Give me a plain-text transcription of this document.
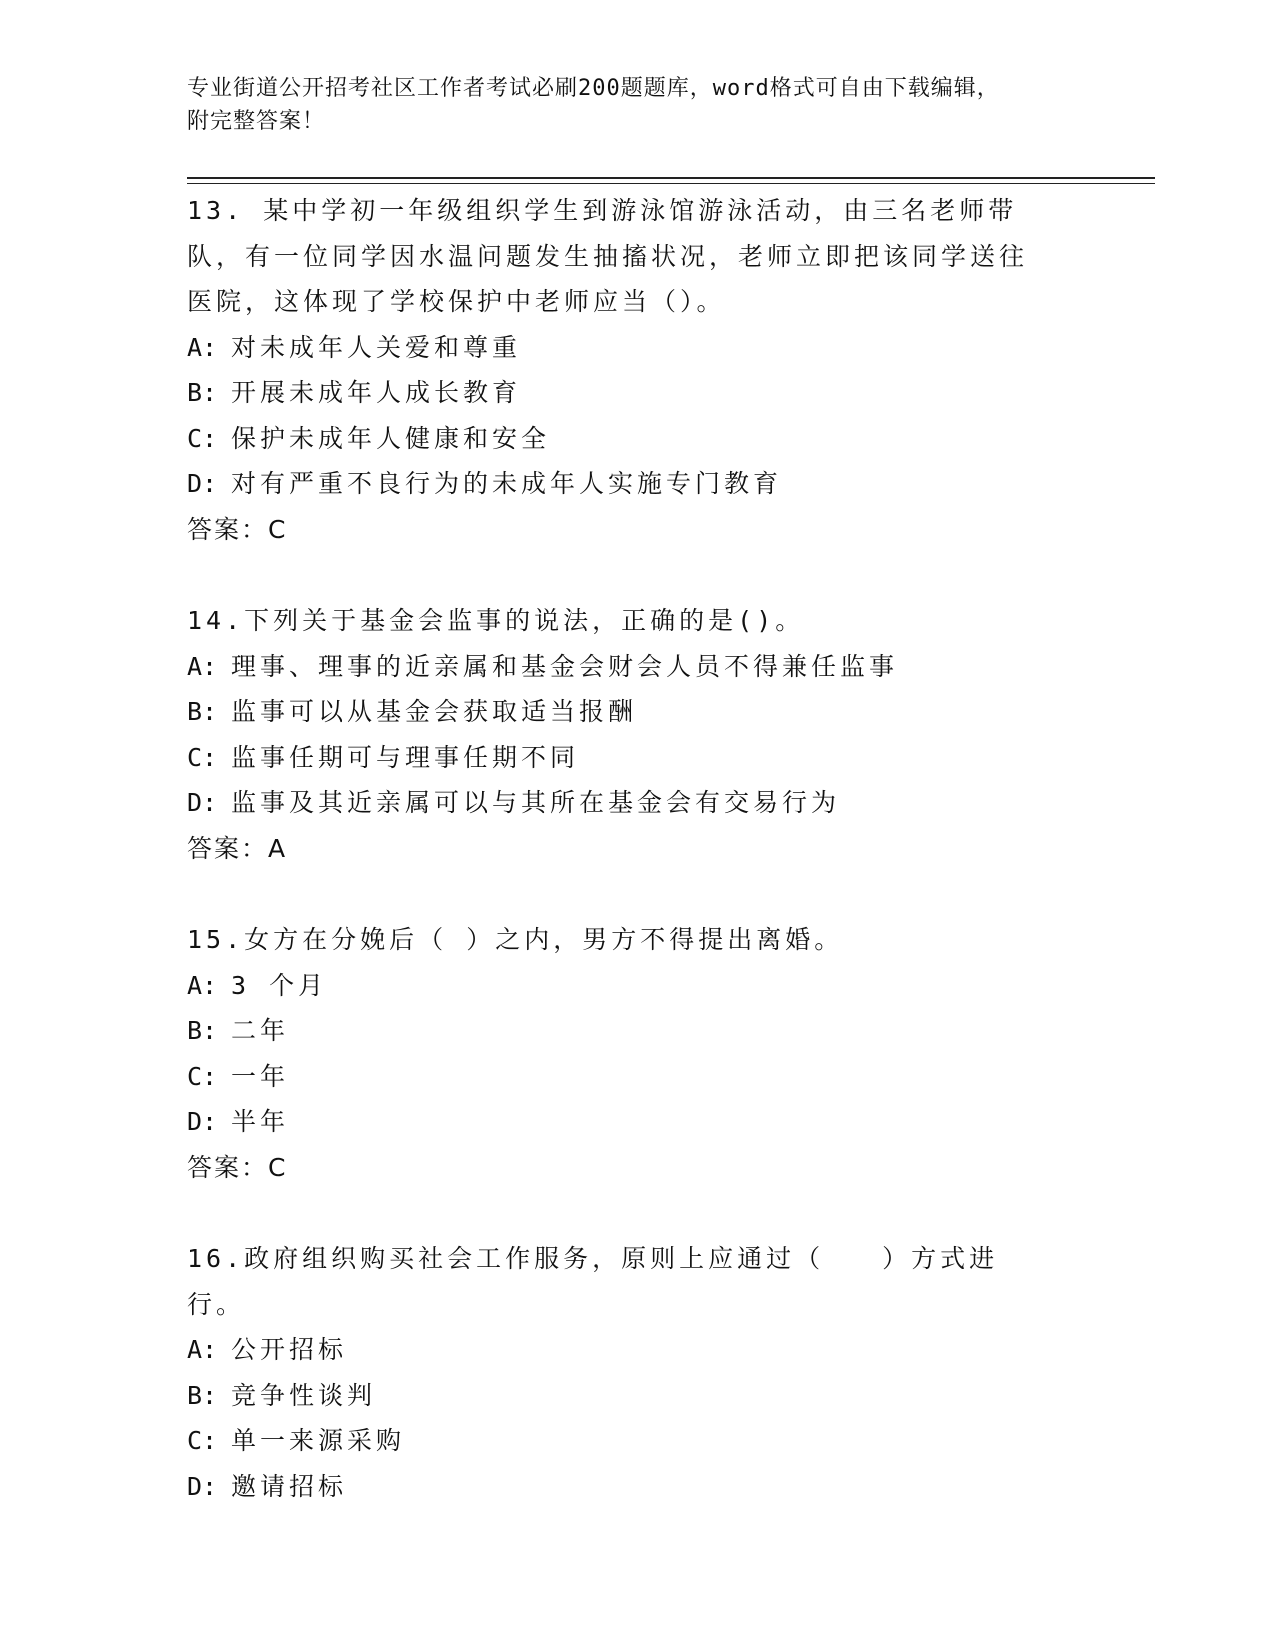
专业街道公开招考社区工作者考试必刷200题题库，word格式可自由下载编辑，
附完整答案！

13. 某中学初一年级组织学生到游泳馆游泳活动，由三名老师带队，有一位同学因水温问题发生抽搐状况，老师立即把该同学送往医院，这体现了学校保护中老师应当（）。

A: 对未成年人关爱和尊重

B: 开展未成年人成长教育

C: 保护未成年人健康和安全

D: 对有严重不良行为的未成年人实施专门教育

答案：C

14.下列关于基金会监事的说法，正确的是()。

A: 理事、理事的近亲属和基金会财会人员不得兼任监事

B: 监事可以从基金会获取适当报酬

C: 监事任期可与理事任期不同

D: 监事及其近亲属可以与其所在基金会有交易行为

答案：A

15.女方在分娩后（ ）之内，男方不得提出离婚。

A: 3 个月

B: 二年

C: 一年

D: 半年

答案：C

16.政府组织购买社会工作服务，原则上应通过（　　）方式进行。

A: 公开招标

B: 竞争性谈判

C: 单一来源采购

D: 邀请招标
